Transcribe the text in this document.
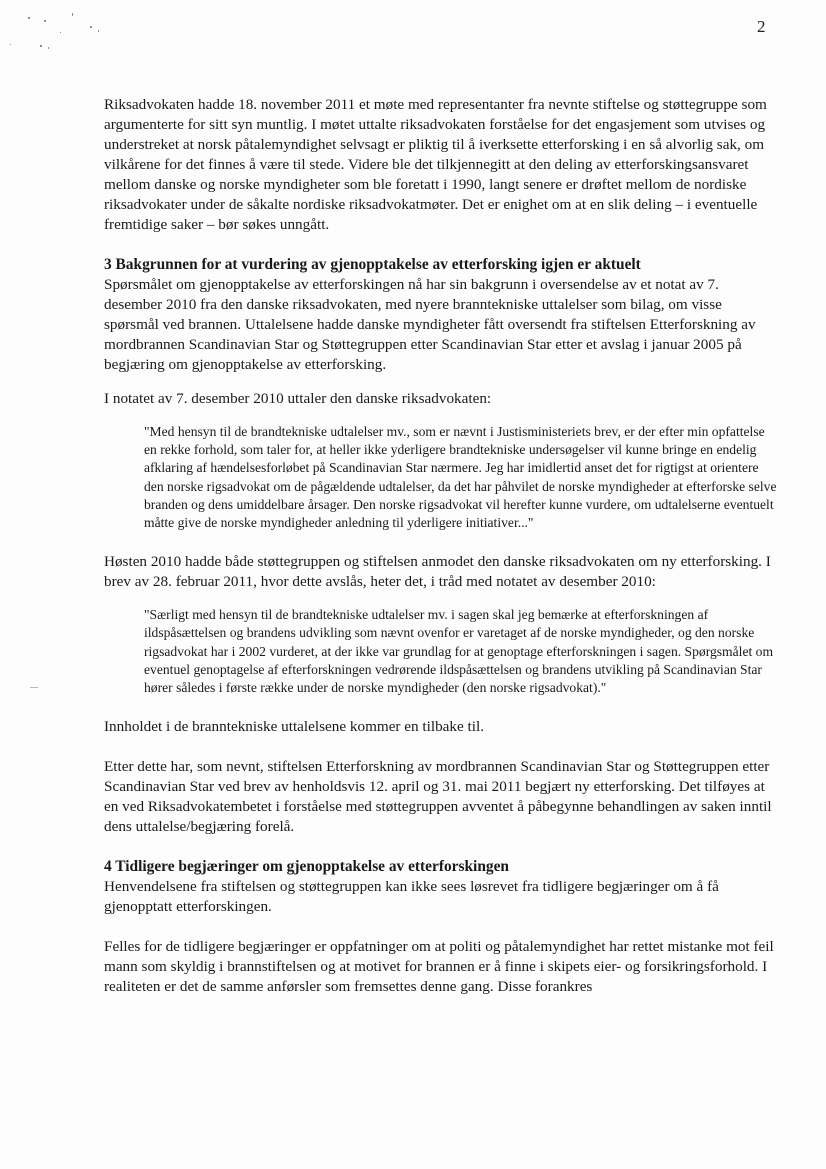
2

Riksadvokaten hadde 18. november 2011 et møte med representanter fra nevnte stiftelse og støttegruppe som argumenterte for sitt syn muntlig. I møtet uttalte riksadvokaten forståelse for det engasjement som utvises og understreket at norsk påtalemyndighet selvsagt er pliktig til å iverksette etterforsking i en så alvorlig sak, om vilkårene for det finnes å være til stede. Videre ble det tilkjennegitt at den deling av etterforskingsansvaret mellom danske og norske myndigheter som ble foretatt i 1990, langt senere er drøftet mellom de nordiske riksadvokater under de såkalte nordiske riksadvokatmøter. Det er enighet om at en slik deling – i eventuelle fremtidige saker – bør søkes unngått.

3 Bakgrunnen for at vurdering av gjenopptakelse av etterforsking igjen er aktuelt

Spørsmålet om gjenopptakelse av etterforskingen nå har sin bakgrunn i oversendelse av et notat av 7. desember 2010 fra den danske riksadvokaten, med nyere branntekniske uttalelser som bilag, om visse spørsmål ved brannen. Uttalelsene hadde danske myndigheter fått oversendt fra stiftelsen Etterforskning av mordbrannen Scandinavian Star og Støttegruppen etter Scandinavian Star etter et avslag i januar 2005 på begjæring om gjenopptakelse av etterforsking.

I notatet av 7. desember 2010 uttaler den danske riksadvokaten:

"Med hensyn til de brandtekniske udtalelser mv., som er nævnt i Justisministeriets brev, er der efter min opfattelse en rekke forhold, som taler for, at heller ikke yderligere brandtekniske undersøgelser vil kunne bringe en endelig afklaring af hændelsesforløbet på Scandinavian Star nærmere. Jeg har imidlertid anset det for rigtigst at orientere den norske rigsadvokat om de pågældende udtalelser, da det har påhvilet de norske myndigheder at efterforske selve branden og dens umiddelbare årsager. Den norske rigsadvokat vil herefter kunne vurdere, om udtalelserne eventuelt måtte give de norske myndigheder anledning til yderligere initiativer..."

Høsten 2010 hadde både støttegruppen og stiftelsen anmodet den danske riksadvokaten om ny etterforsking. I brev av 28. februar 2011, hvor dette avslås, heter det, i tråd med notatet av desember 2010:

"Særligt med hensyn til de brandtekniske udtalelser mv. i sagen skal jeg bemærke at efterforskningen af ildspåsættelsen og brandens udvikling som nævnt ovenfor er varetaget af de norske myndigheder, og den norske rigsadvokat har i 2002 vurderet, at der ikke var grundlag for at genoptage efterforskningen i sagen. Spørgsmålet om eventuel genoptagelse af efterforskningen vedrørende ildspåsættelsen og brandens utvikling på Scandinavian Star hører således i første række under de norske myndigheder (den norske rigsadvokat)."

Innholdet i de branntekniske uttalelsene kommer en tilbake til.

Etter dette har, som nevnt, stiftelsen Etterforskning av mordbrannen Scandinavian Star og Støttegruppen etter Scandinavian Star ved brev av henholdsvis 12. april og 31. mai 2011 begjært ny etterforsking. Det tilføyes at en ved Riksadvokatembetet i forståelse med støttegruppen avventet å påbegynne behandlingen av saken inntil dens uttalelse/begjæring forelå.

4 Tidligere begjæringer om gjenopptakelse av etterforskingen

Henvendelsene fra stiftelsen og støttegruppen kan ikke sees løsrevet fra tidligere begjæringer om å få gjenopptatt etterforskingen.

Felles for de tidligere begjæringer er oppfatninger om at politi og påtalemyndighet har rettet mistanke mot feil mann som skyldig i brannstiftelsen og at motivet for brannen er å finne i skipets eier- og forsikringsforhold. I realiteten er det de samme anførsler som fremsettes denne gang. Disse forankres
